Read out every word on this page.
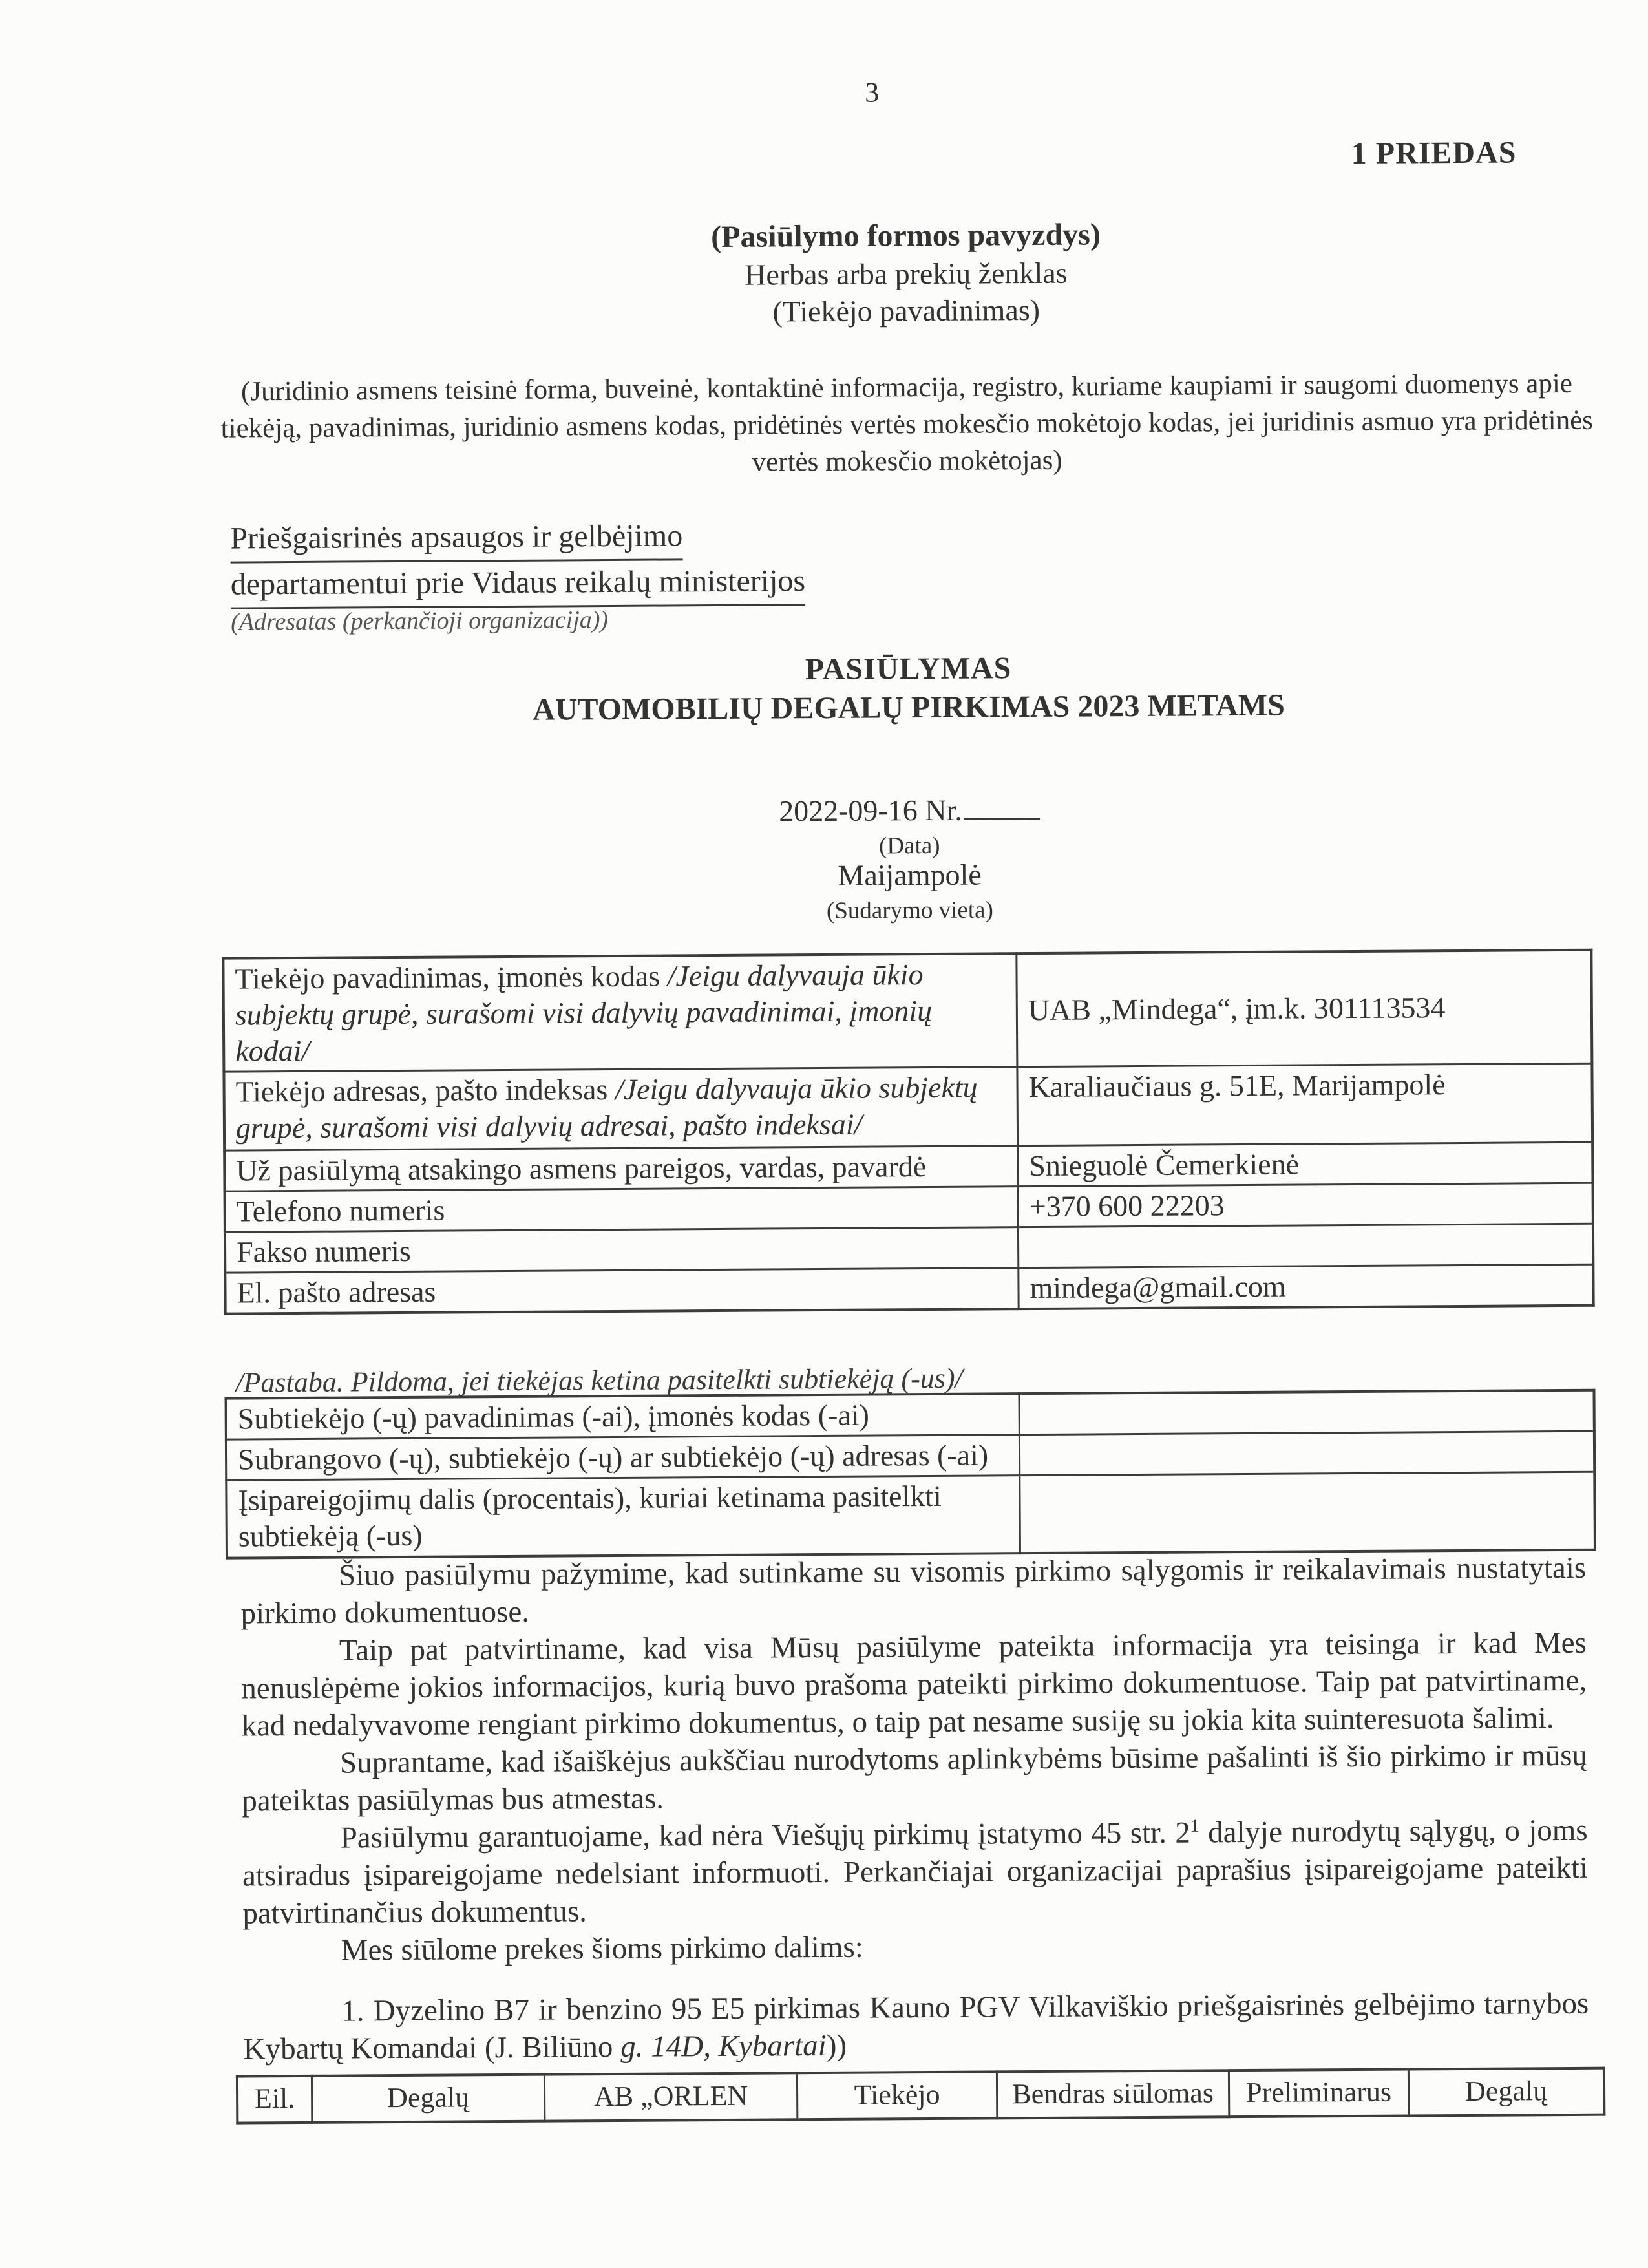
3
1 PRIEDAS
(Pasiūlymo formos pavyzdys)
Herbas arba prekių ženklas
(Tiekėjo pavadinimas)
(Juridinio asmens teisinė forma, buveinė, kontaktinė informacija, registro, kuriame kaupiami ir saugomi duomenys apie tiekėją, pavadinimas, juridinio asmens kodas, pridėtinės vertės mokesčio mokėtojo kodas, jei juridinis asmuo yra pridėtinės vertės mokesčio mokėtojas)
Priešgaisrinės apsaugos ir gelbėjimo
departamentui prie Vidaus reikalų ministerijos
(Adresatas (perkančioji organizacija))
PASIŪLYMAS
AUTOMOBILIŲ DEGALŲ PIRKIMAS 2023 METAMS
2022-09-16 Nr.
(Data)
Maijampolė
(Sudarymo vieta)
Tiekėjo pavadinimas, įmonės kodas /Jeigu dalyvauja ūkio subjektų grupė, surašomi visi dalyvių pavadinimai, įmonių kodai/	UAB „Mindega“, įm.k. 301113534
Tiekėjo adresas, pašto indeksas /Jeigu dalyvauja ūkio subjektų grupė, surašomi visi dalyvių adresai, pašto indeksai/	Karaliaučiaus g. 51E, Marijampolė
Už pasiūlymą atsakingo asmens pareigos, vardas, pavardė	Snieguolė Čemerkienė
Telefono numeris	+370 600 22203
Fakso numeris	
El. pašto adresas	mindega@gmail.com
/Pastaba. Pildoma, jei tiekėjas ketina pasitelkti subtiekėją (-us)/
Subtiekėjo (-ų) pavadinimas (-ai), įmonės kodas (-ai)	
Subrangovo (-ų), subtiekėjo (-ų) ar subtiekėjo (-ų) adresas (-ai)	
Įsipareigojimų dalis (procentais), kuriai ketinama pasitelkti subtiekėją (-us)	

Šiuo pasiūlymu pažymime, kad sutinkame su visomis pirkimo sąlygomis ir reikalavimais nustatytais pirkimo dokumentuose.

Taip pat patvirtiname, kad visa Mūsų pasiūlyme pateikta informacija yra teisinga ir kad Mes nenuslėpėme jokios informacijos, kurią buvo prašoma pateikti pirkimo dokumentuose. Taip pat patvirtiname, kad nedalyvavome rengiant pirkimo dokumentus, o taip pat nesame susiję su jokia kita suinteresuota šalimi.

Suprantame, kad išaiškėjus aukščiau nurodytoms aplinkybėms būsime pašalinti iš šio pirkimo ir mūsų pateiktas pasiūlymas bus atmestas.

Pasiūlymu garantuojame, kad nėra Viešųjų pirkimų įstatymo 45 str. $2^1$ dalyje nurodytų sąlygų, o joms atsiradus įsipareigojame nedelsiant informuoti. Perkančiajai organizacijai paprašius įsipareigojame pateikti patvirtinančius dokumentus.

Mes siūlome prekes šioms pirkimo dalims:

1. Dyzelino B7 ir benzino 95 E5 pirkimas Kauno PGV Vilkaviškio priešgaisrinės gelbėjimo tarnybos Kybartų Komandai (J. Biliūno g. 14D, Kybartai))

Eil.	Degalų	AB „ORLEN	Tiekėjo	Bendras siūlomas	Preliminarus	Degalų
